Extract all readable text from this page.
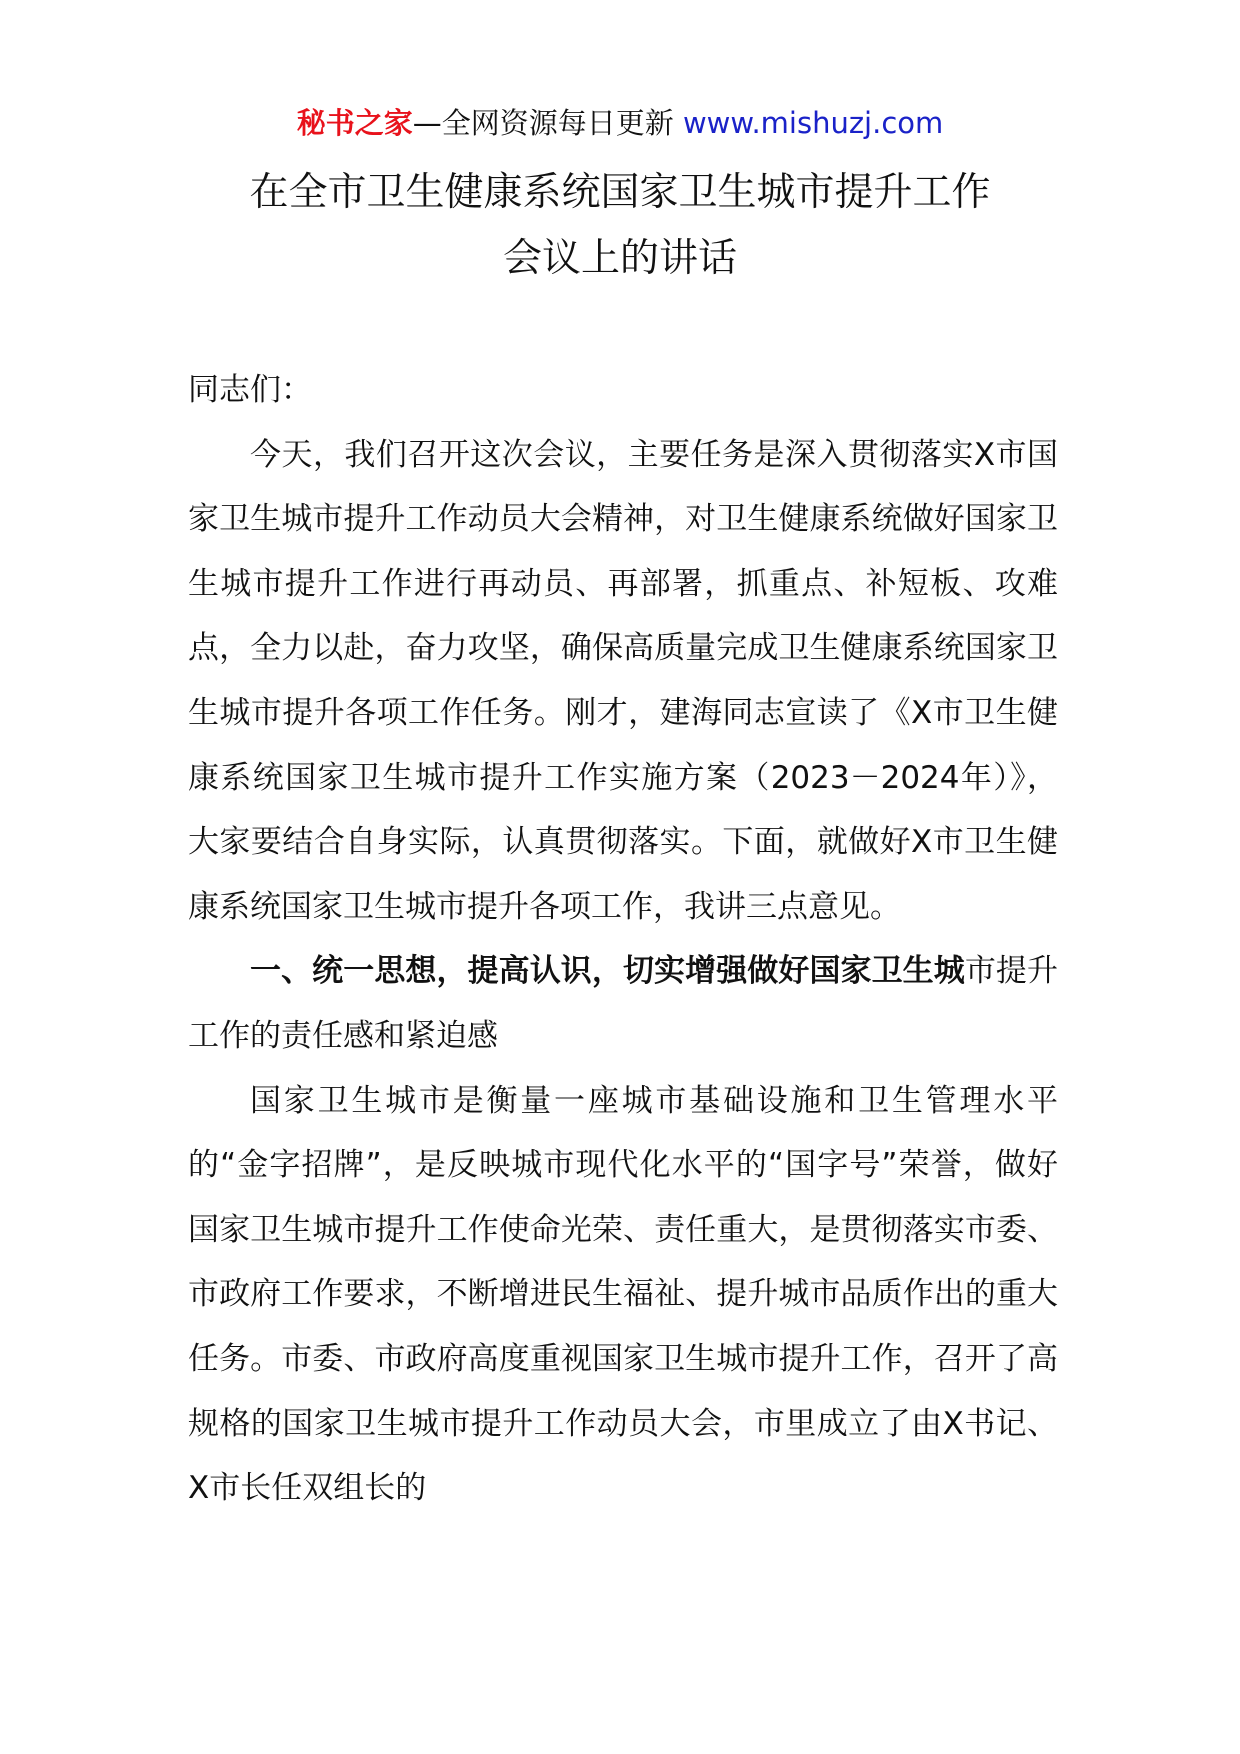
秘书之家—全网资源每日更新 www.mishuzj.com
在全市卫生健康系统国家卫生城市提升工作
会议上的讲话

同志们：

今天，我们召开这次会议，主要任务是深入贯彻落实X市国家卫生城市提升工作动员大会精神，对卫生健康系统做好国家卫生城市提升工作进行再动员、再部署，抓重点、补短板、攻难点，全力以赴，奋力攻坚，确保高质量完成卫生健康系统国家卫生城市提升各项工作任务。刚才，建海同志宣读了《X市卫生健康系统国家卫生城市提升工作实施方案（2023－2024年）》，大家要结合自身实际，认真贯彻落实。下面，就做好X市卫生健康系统国家卫生城市提升各项工作，我讲三点意见。

一、统一思想，提高认识，切实增强做好国家卫生城市提升工作的责任感和紧迫感

国家卫生城市是衡量一座城市基础设施和卫生管理水平的“金字招牌”，是反映城市现代化水平的“国字号”荣誉，做好国家卫生城市提升工作使命光荣、责任重大，是贯彻落实市委、市政府工作要求，不断增进民生福祉、提升城市品质作出的重大任务。市委、市政府高度重视国家卫生城市提升工作，召开了高规格的国家卫生城市提升工作动员大会，市里成立了由X书记、X市长任双组长的
